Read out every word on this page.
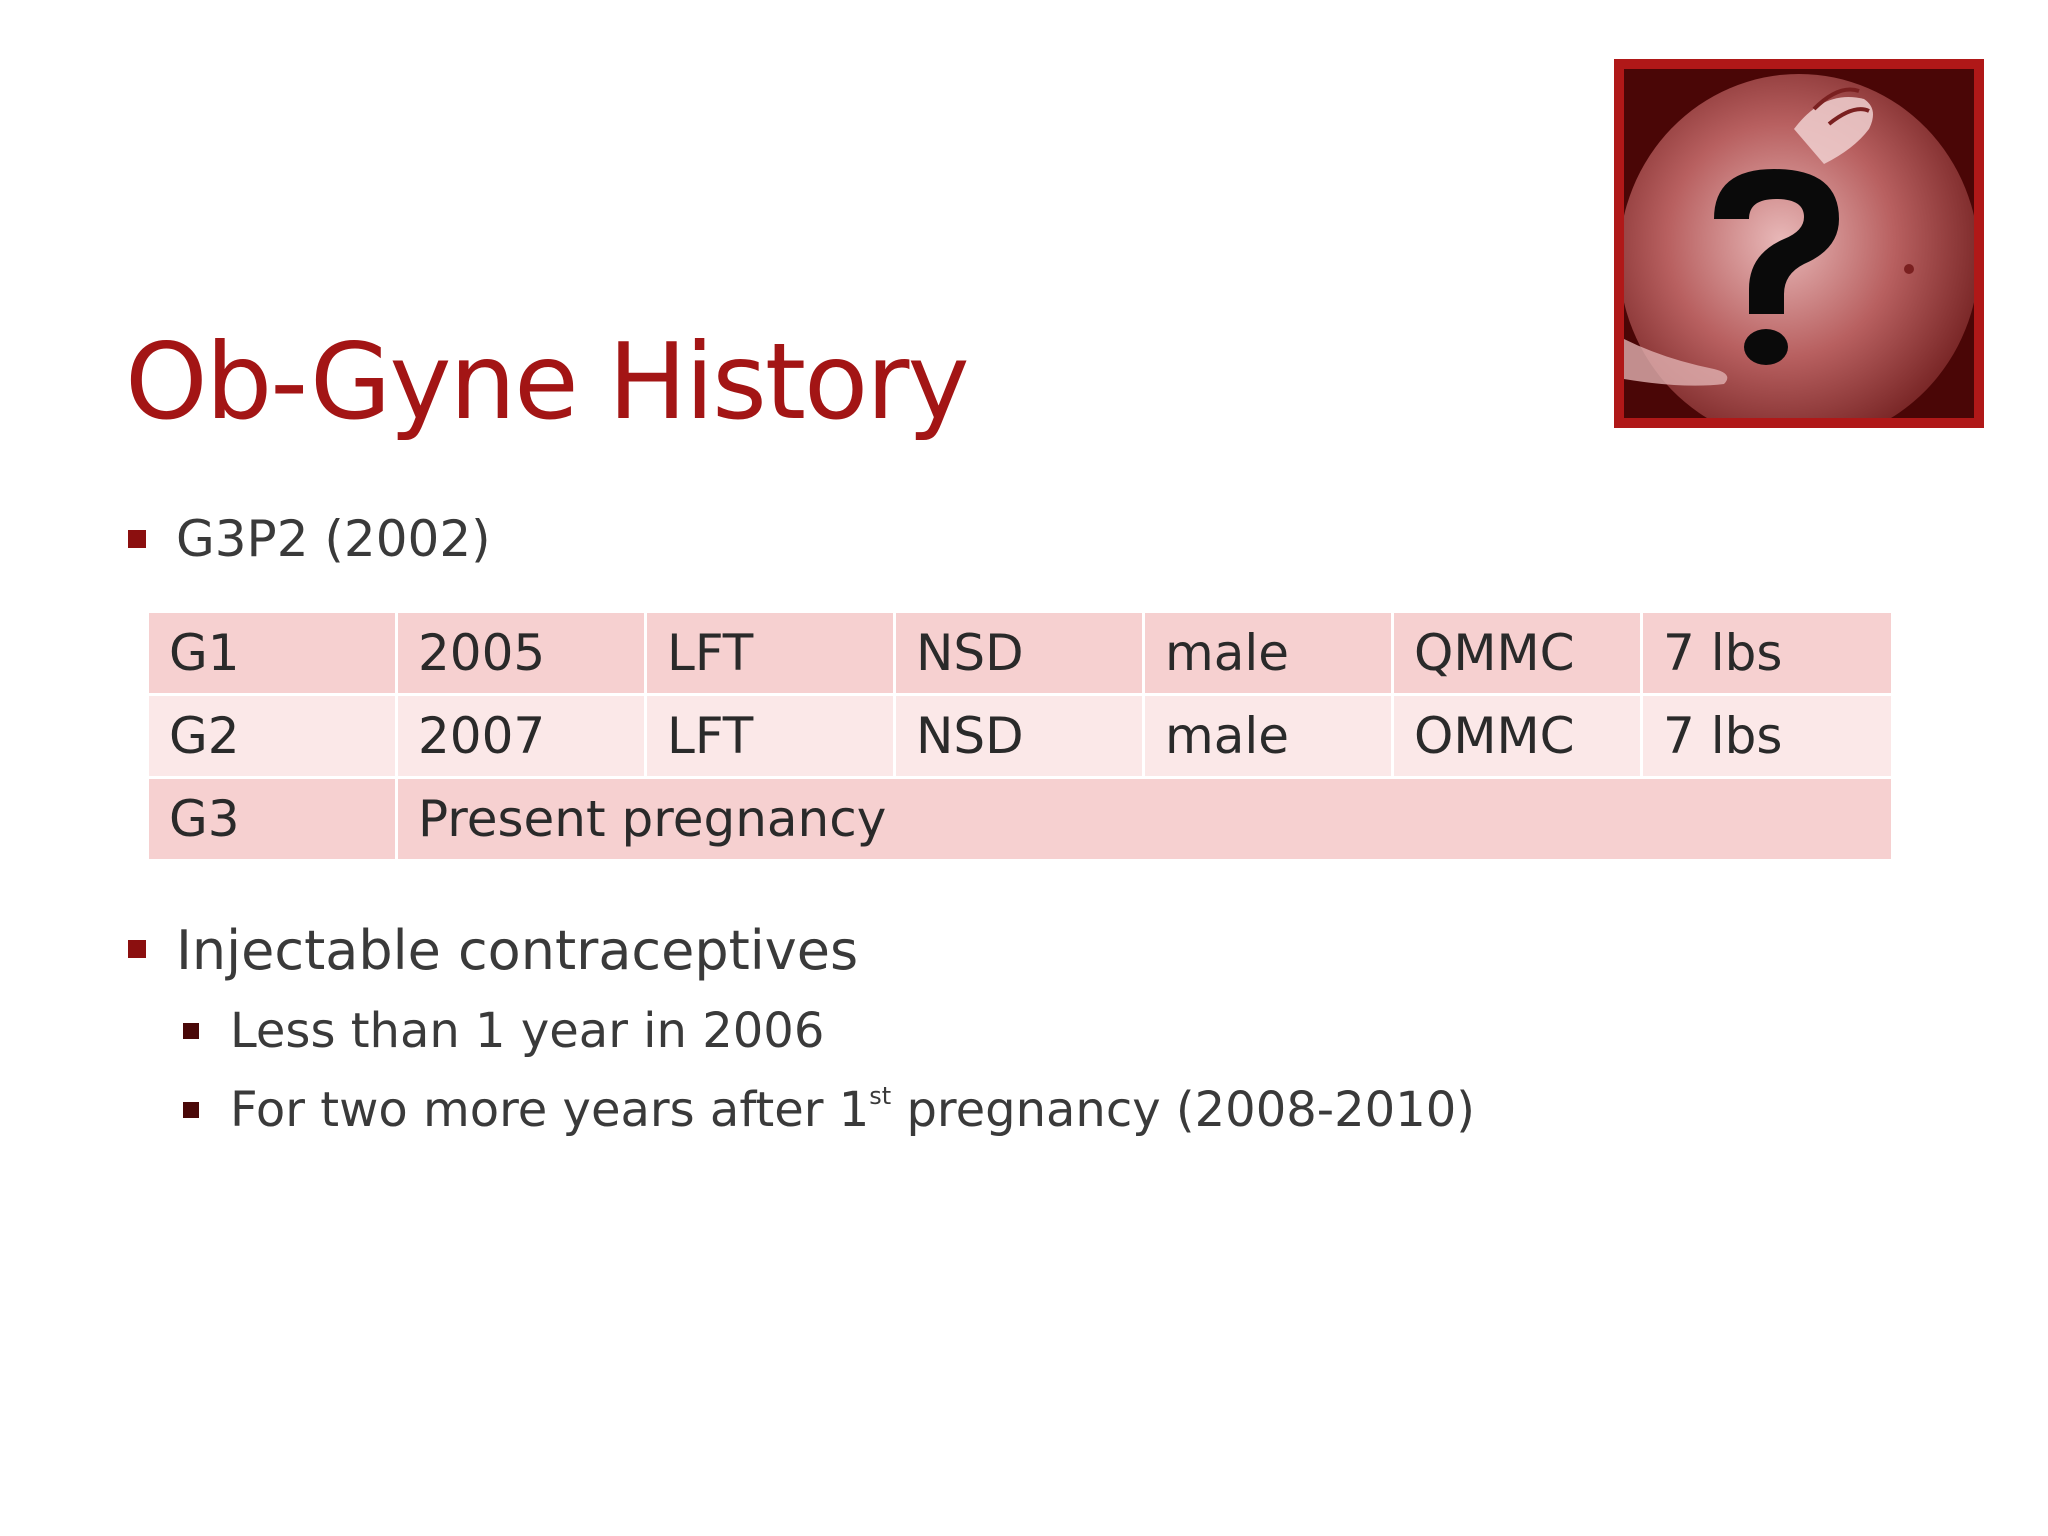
Ob-Gyne History
G3P2 (2002)
G1	2005	LFT	NSD	male	QMMC	7 lbs
G2	2007	LFT	NSD	male	OMMC	7 lbs
G3	Present pregnancy					
Injectable contraceptives
Less than 1 year in 2006
For two more years after 1st pregnancy (2008-2010)
